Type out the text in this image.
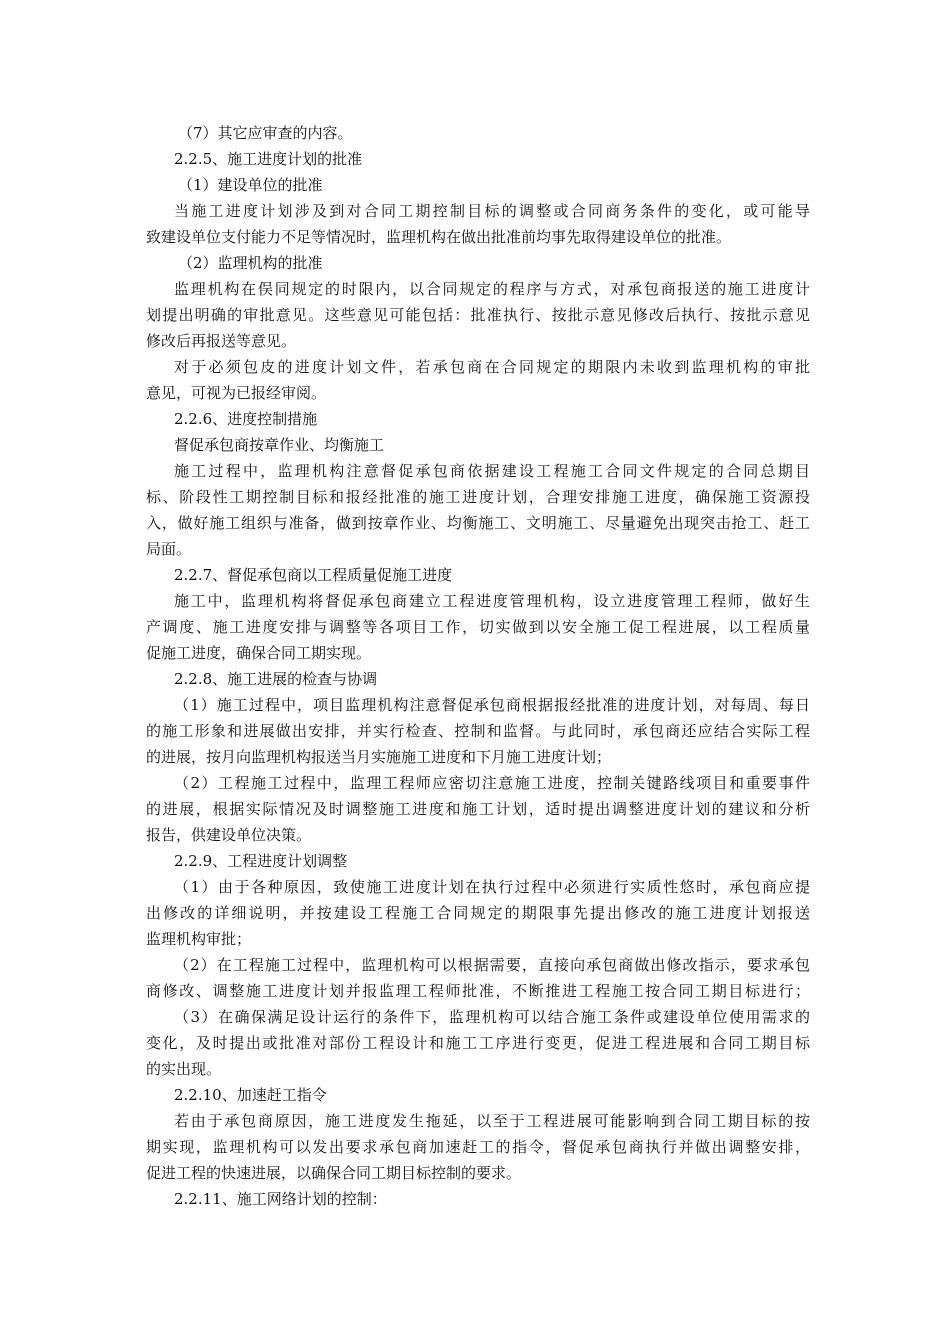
（7）其它应审查的内容。
2.2.5、施工进度计划的批准
（1）建设单位的批准
当施工进度计划涉及到对合同工期控制目标的调整或合同商务条件的变化，或可能导
致建设单位支付能力不足等情况时，监理机构在做出批准前均事先取得建设单位的批准。
（2）监理机构的批准
监理机构在俣同规定的时限内，以合同规定的程序与方式，对承包商报送的施工进度计
划提出明确的审批意见。这些意见可能包括：批准执行、按批示意见修改后执行、按批示意见
修改后再报送等意见。
对于必须包皮的进度计划文件，若承包商在合同规定的期限内未收到监理机构的审批
意见，可视为已报经审阅。
2.2.6、进度控制措施
督促承包商按章作业、均衡施工
施工过程中，监理机构注意督促承包商依据建设工程施工合同文件规定的合同总期目
标、阶段性工期控制目标和报经批准的施工进度计划，合理安排施工进度，确保施工资源投
入，做好施工组织与准备，做到按章作业、均衡施工、文明施工、尽量避免出现突击抢工、赶工
局面。
2.2.7、督促承包商以工程质量促施工进度
施工中，监理机构将督促承包商建立工程进度管理机构，设立进度管理工程师，做好生
产调度、施工进度安排与调整等各项目工作，切实做到以安全施工促工程进展，以工程质量
促施工进度，确保合同工期实现。
2.2.8、施工进展的检查与协调
（1）施工过程中，项目监理机构注意督促承包商根据报经批准的进度计划，对每周、每日
的施工形象和进展做出安排，并实行检查、控制和监督。与此同时，承包商还应结合实际工程
的进展，按月向监理机构报送当月实施施工进度和下月施工进度计划；
（2）工程施工过程中，监理工程师应密切注意施工进度，控制关键路线项目和重要事件
的进展，根据实际情况及时调整施工进度和施工计划，适时提出调整进度计划的建议和分析
报告，供建设单位决策。
2.2.9、工程进度计划调整
（1）由于各种原因，致使施工进度计划在执行过程中必须进行实质性悠时，承包商应提
出修改的详细说明，并按建设工程施工合同规定的期限事先提出修改的施工进度计划报送
监理机构审批；
（2）在工程施工过程中，监理机构可以根据需要，直接向承包商做出修改指示，要求承包
商修改、调整施工进度计划并报监理工程师批准，不断推进工程施工按合同工期目标进行；
（3）在确保满足设计运行的条件下，监理机构可以结合施工条件或建设单位使用需求的
变化，及时提出或批准对部份工程设计和施工工序进行变更，促进工程进展和合同工期目标
的实出现。
2.2.10、加速赶工指令
若由于承包商原因，施工进度发生拖延，以至于工程进展可能影响到合同工期目标的按
期实现，监理机构可以发出要求承包商加速赶工的指令，督促承包商执行并做出调整安排，
促进工程的快速进展，以确保合同工期目标控制的要求。
2.2.11、施工网络计划的控制：
